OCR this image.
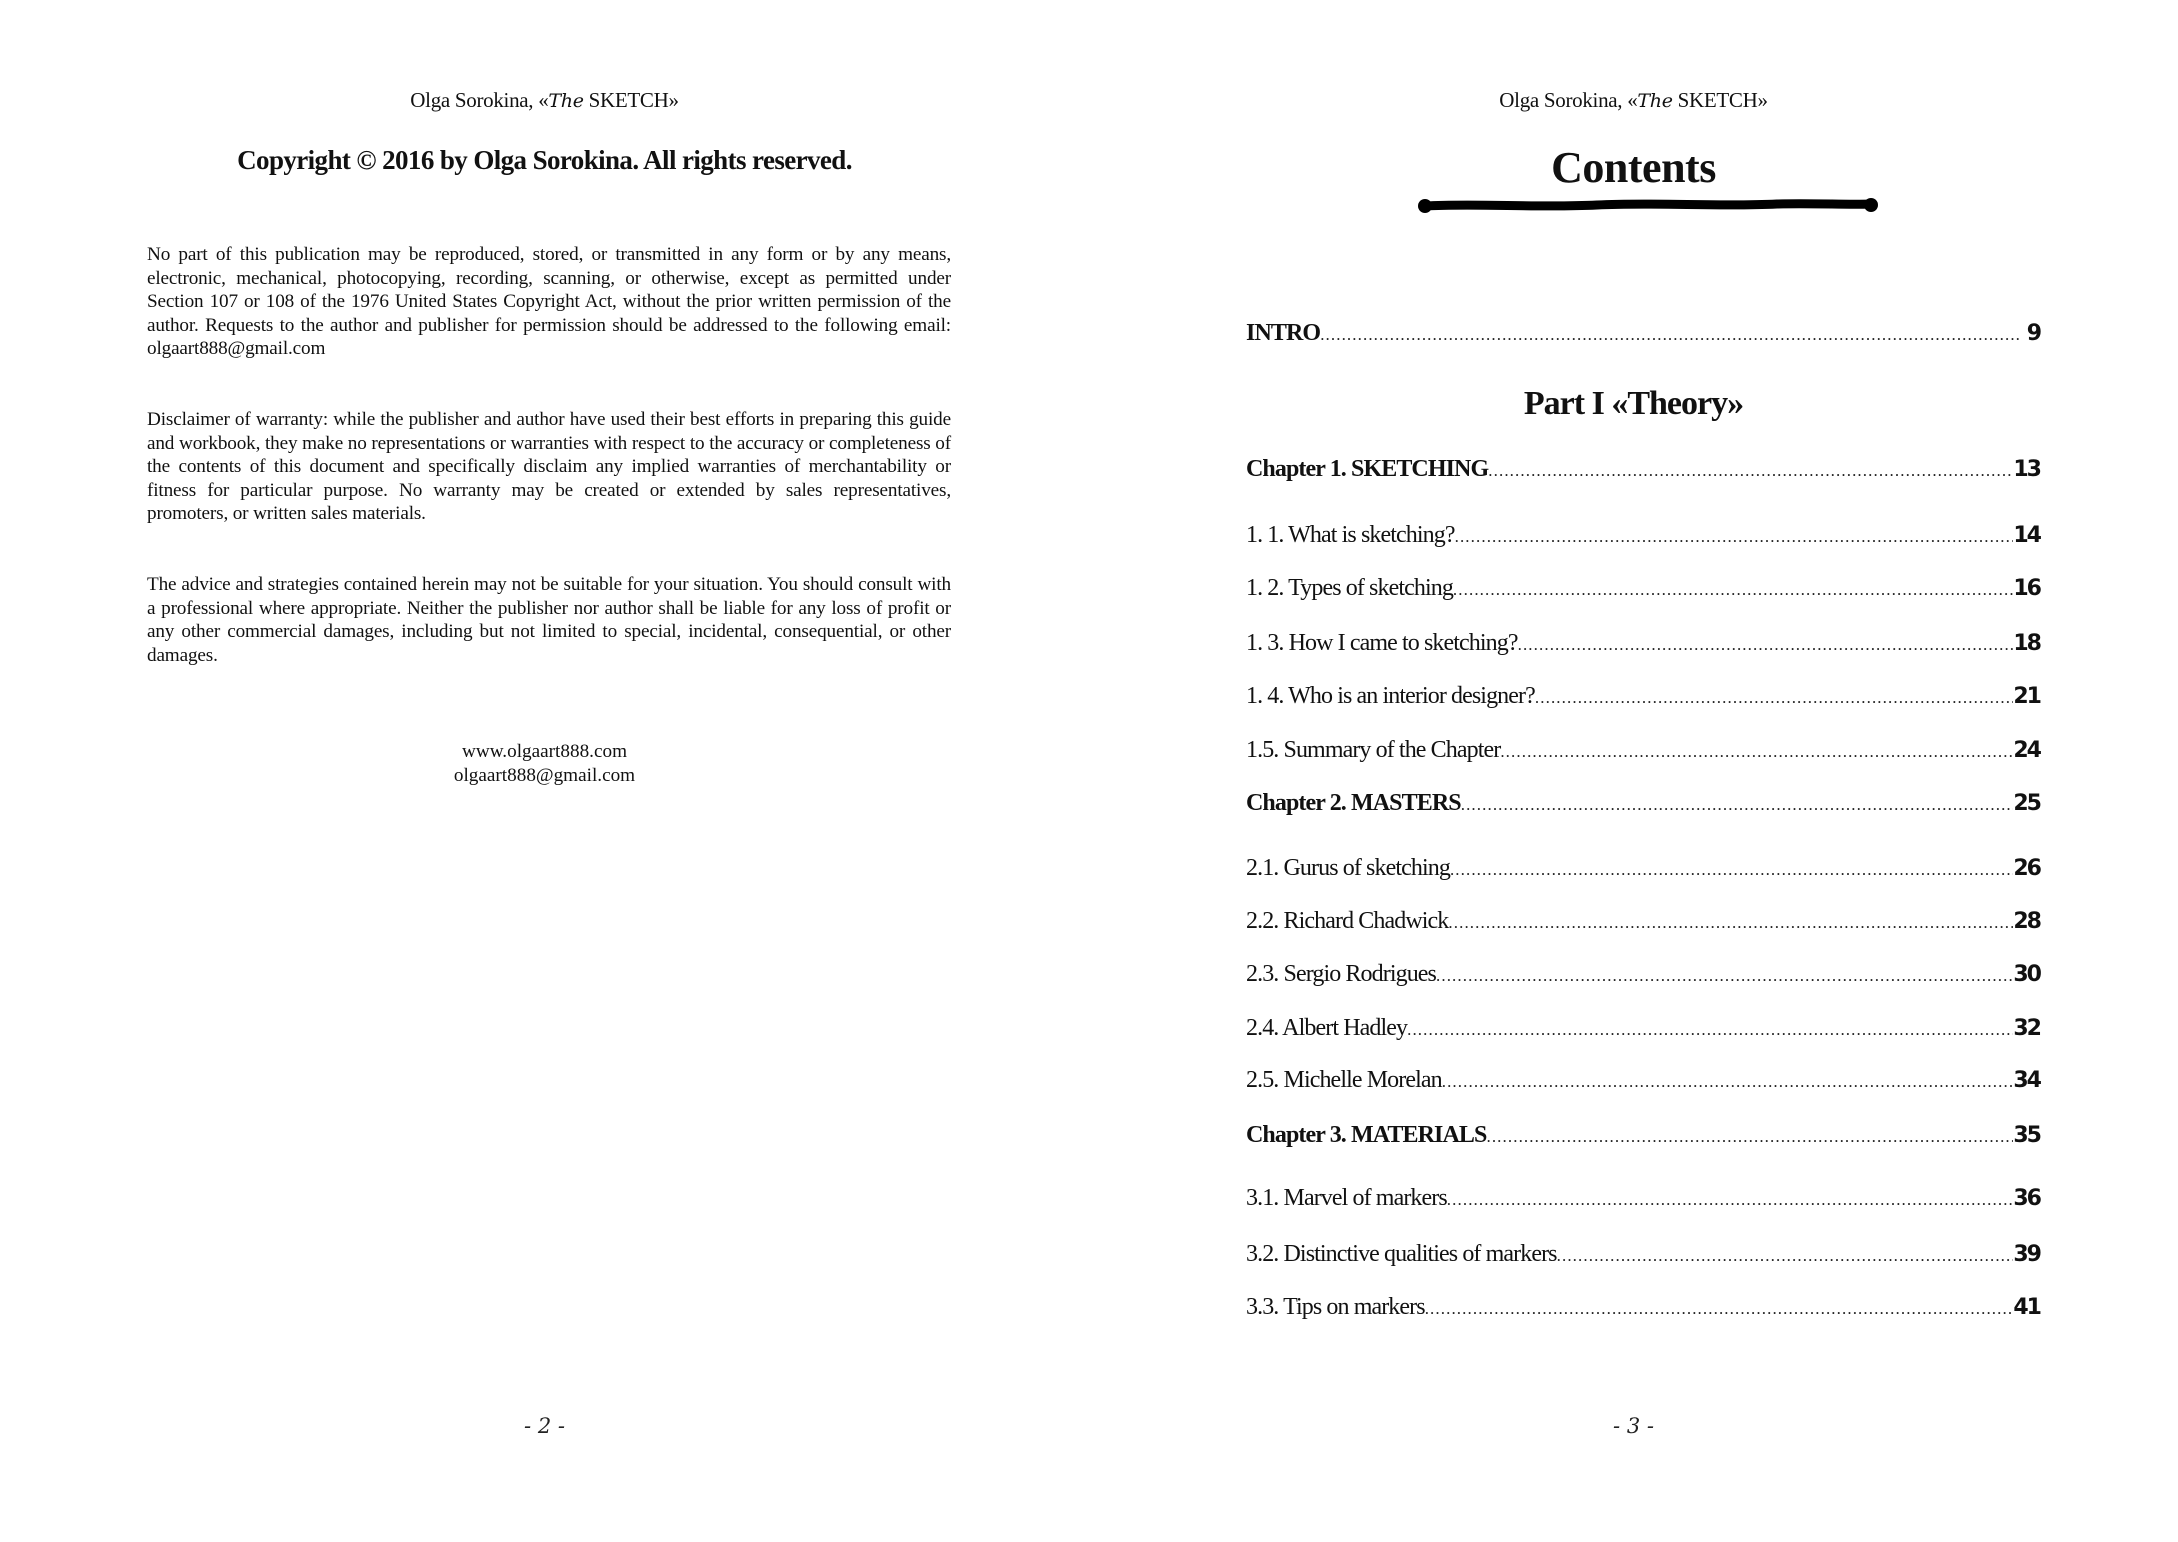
Olga Sorokina, «The SKETCH»
Copyright © 2016 by Olga Sorokina. All rights reserved.

No part of this publication may be reproduced, stored, or transmitted in any form or by any means, electronic, mechanical, photocopying, recording, scanning, or otherwise, except as permitted under Section 107 or 108 of the 1976 United States Copyright Act, without the prior written permission of the author. Requests to the author and publisher for permission should be addressed to the following email: olgaart888@gmail.com

Disclaimer of warranty: while the publisher and author have used their best efforts in preparing this guide and workbook, they make no representations or warranties with respect to the accuracy or completeness of the contents of this document and specifically disclaim any implied warranties of merchantability or fitness for particular purpose. No warranty may be created or extended by sales representatives, promoters, or written sales materials.

The advice and strategies contained herein may not be suitable for your situation. You should consult with a professional where appropriate. Neither the publisher nor author shall be liable for any loss of profit or any other commercial damages, including but not limited to special, incidental, consequential, or other damages.

www.olgaart888.com
olgaart888@gmail.com
- 2 -
Olga Sorokina, «The SKETCH»
Contents
Part I «Theory»
INTRO .....	9
Chapter 1. SKETCHING .....	13
1. 1. What is sketching? .....	14
1. 2. Types of sketching .....	16
1. 3. How I came to sketching? .....	18
1. 4. Who is an interior designer? .....	21
1.5. Summary of the Chapter .....	24
Chapter 2. MASTERS .....	25
2.1. Gurus of sketching .....	26
2.2. Richard Chadwick .....	28
2.3. Sergio Rodrigues .....	30
2.4. Albert Hadley .....	32
2.5. Michelle Morelan .....	34
Chapter 3. MATERIALS .....	35
3.1. Marvel of markers .....	36
3.2. Distinctive qualities of markers .....	39
3.3. Tips on markers .....	41
- 3 -
